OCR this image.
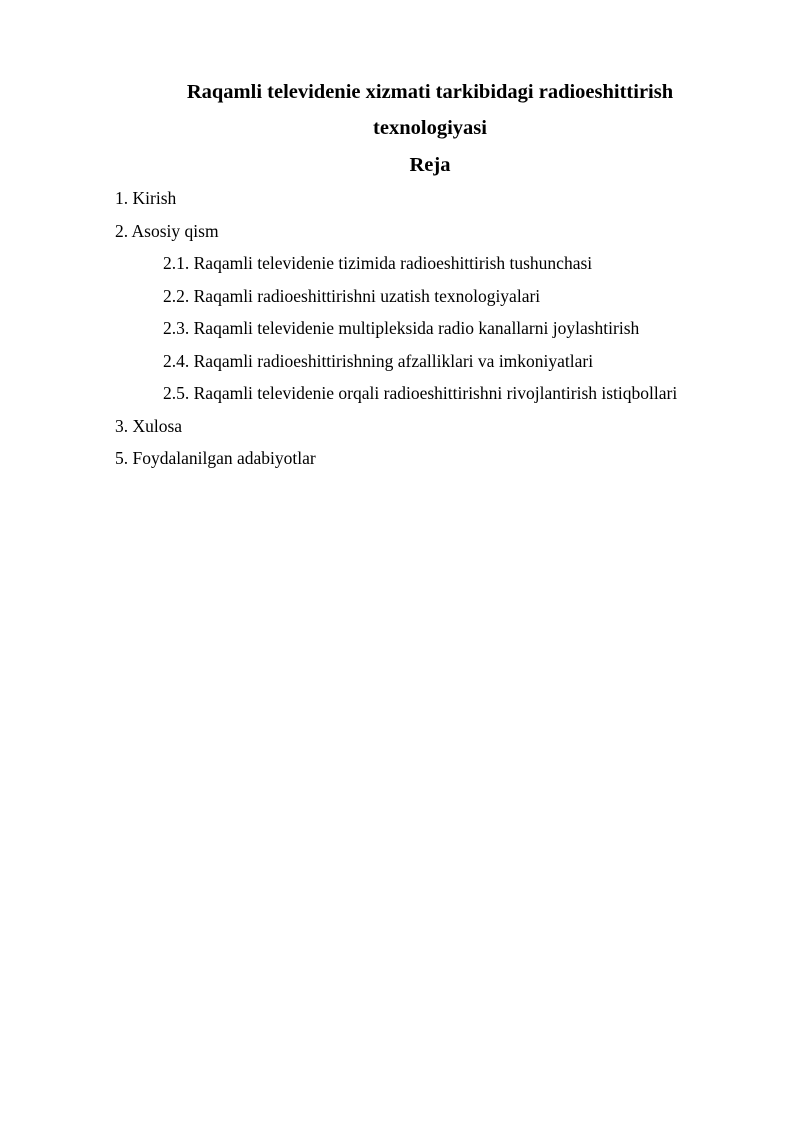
Raqamli televidenie xizmati tarkibidagi radioeshittirish
texnologiyasi
Reja
1. Kirish
2. Asosiy qism
2.1. Raqamli televidenie tizimida radioeshittirish tushunchasi
2.2. Raqamli radioeshittirishni uzatish texnologiyalari
2.3. Raqamli televidenie multipleksida radio kanallarni joylashtirish
2.4. Raqamli radioeshittirishning afzalliklari va imkoniyatlari
2.5. Raqamli televidenie orqali radioeshittirishni rivojlantirish istiqbollari
3. Xulosa
5. Foydalanilgan adabiyotlar
